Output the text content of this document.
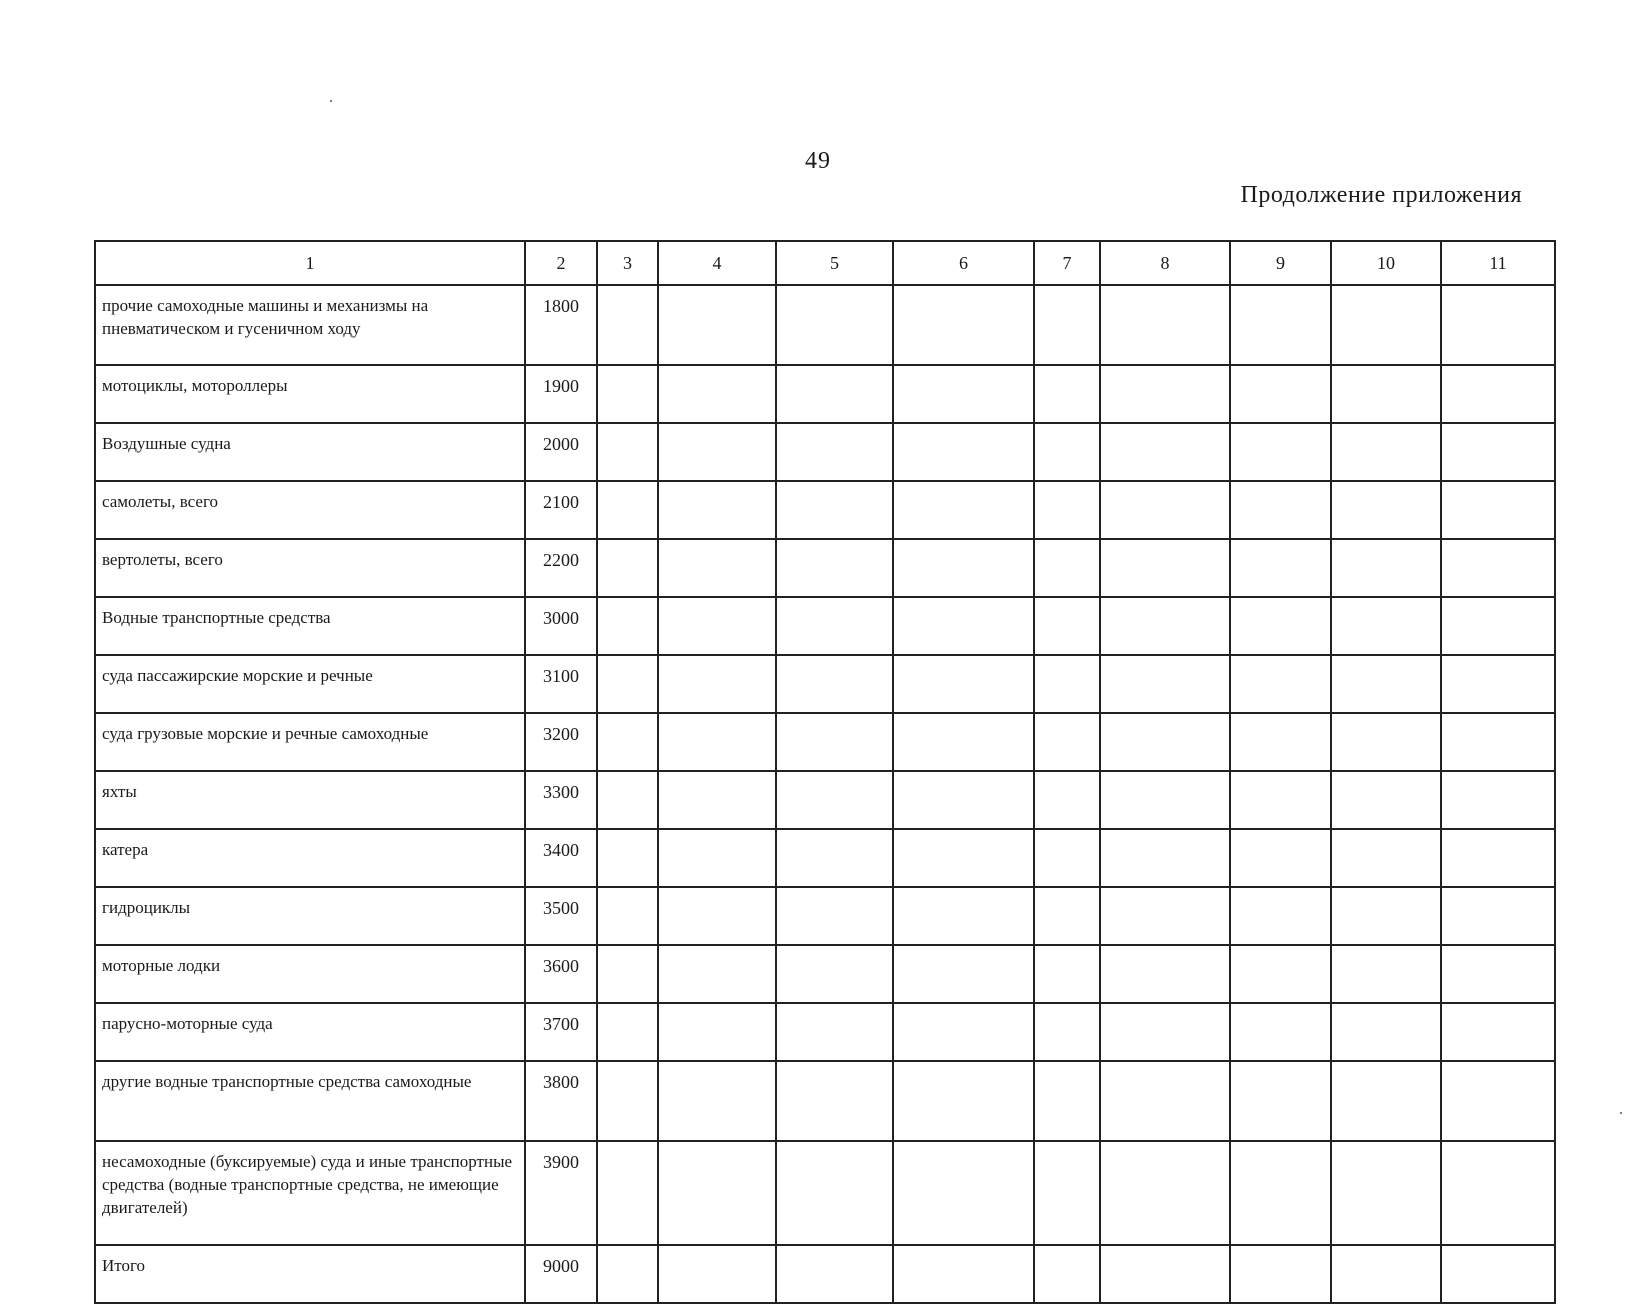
49
Продолжение приложения
1	2	3	4	5	6	7	8	9	10	11
прочие самоходные машины и механизмы на пневматическом и гусеничном ходу	1800									
мотоциклы, мотороллеры	1900									
Воздушные судна	2000									
самолеты, всего	2100									
вертолеты, всего	2200									
Водные транспортные средства	3000									
суда пассажирские морские и речные	3100									
суда грузовые морские и речные самоходные	3200									
яхты	3300									
катера	3400									
гидроциклы	3500									
моторные лодки	3600									
парусно-моторные суда	3700									
другие водные транспортные средства самоходные	3800									
несамоходные (буксируемые) суда и иные транспортные средства (водные транспортные средства, не имеющие двигателей)	3900									
Итого	9000									
